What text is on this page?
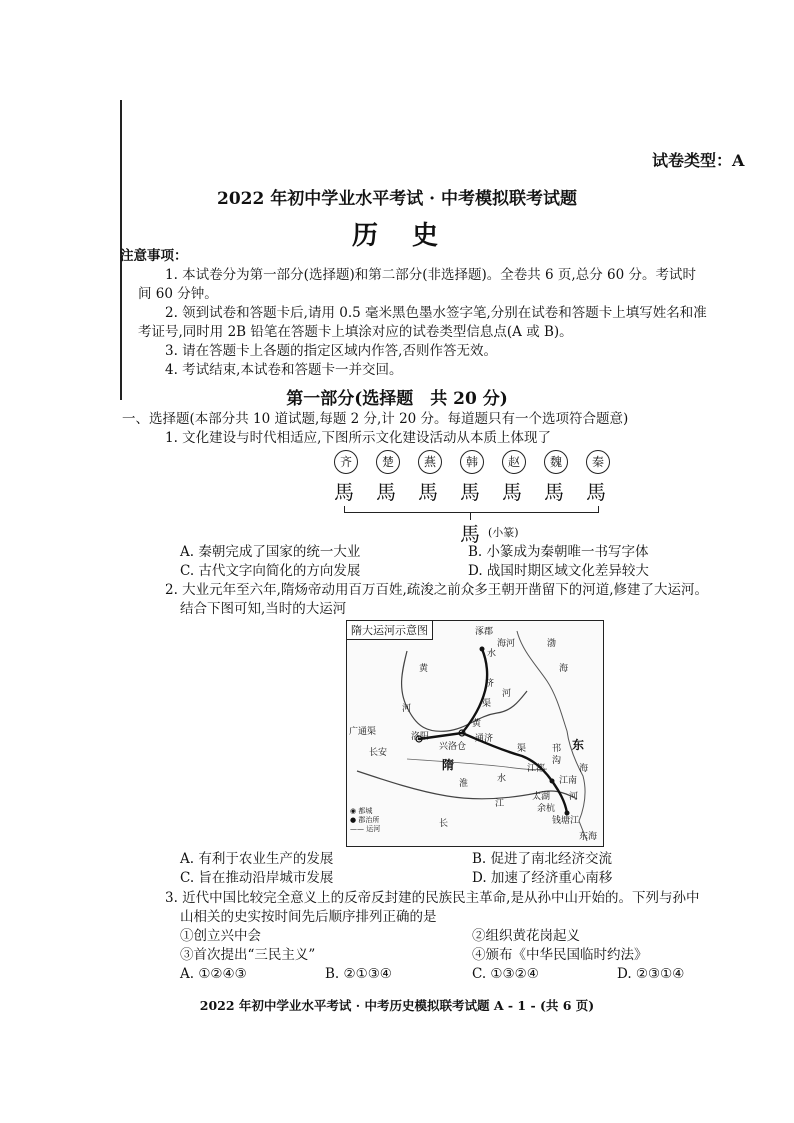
试卷类型：A
2022 年初中学业水平考试 · 中考模拟联考试题
历　史
注意事项：
1. 本试卷分为第一部分(选择题)和第二部分(非选择题)。全卷共 6 页,总分 60 分。考试时
间 60 分钟。
2. 领到试卷和答题卡后,请用 0.5 毫米黑色墨水签字笔,分别在试卷和答题卡上填写姓名和准
考证号,同时用 2B 铅笔在答题卡上填涂对应的试卷类型信息点(A 或 B)。
3. 请在答题卡上各题的指定区域内作答,否则作答无效。
4. 考试结束,本试卷和答题卡一并交回。
第一部分(选择题　共 20 分)
一、选择题(本部分共 10 道试题,每题 2 分,计 20 分。每道题只有一个选项符合题意)
1. 文化建设与时代相适应,下图所示文化建设活动从本质上体现了
齐	楚	燕	韩	赵	魏	秦
馬 馬 馬 馬 馬 馬 馬
馬 (小篆)
A. 秦朝完成了国家的统一大业	B. 小篆成为秦朝唯一书写字体
C. 古代文字向简化的方向发展	D. 战国时期区域文化差异较大
2. 大业元年至六年,隋炀帝动用百万百姓,疏浚之前众多王朝开凿留下的河道,修建了大运河。
结合下图可知,当时的大运河
隋大运河示意图	涿郡
海河	渤
海
水
黄
济
河
渠
河
黄
广通渠
长安
洛阳
兴洛仓
通济
渠
隋
水
淮
邗
沟
江都
东
海
江南
河
太湖
余杭
钱塘江
江
长
东海
◉ 都城
● 郡治所
—— 运河
A. 有利于农业生产的发展	B. 促进了南北经济交流
C. 旨在推动沿岸城市发展	D. 加速了经济重心南移
3. 近代中国比较完全意义上的反帝反封建的民族民主革命,是从孙中山开始的。下列与孙中
山相关的史实按时间先后顺序排列正确的是
①创立兴中会	②组织黄花岗起义
③首次提出“三民主义”	④颁布《中华民国临时约法》
A. ①②④③	B. ②①③④	C. ①③②④	D. ②③①④
2022 年初中学业水平考试 · 中考历史模拟联考试题 A - 1 - (共 6 页)
